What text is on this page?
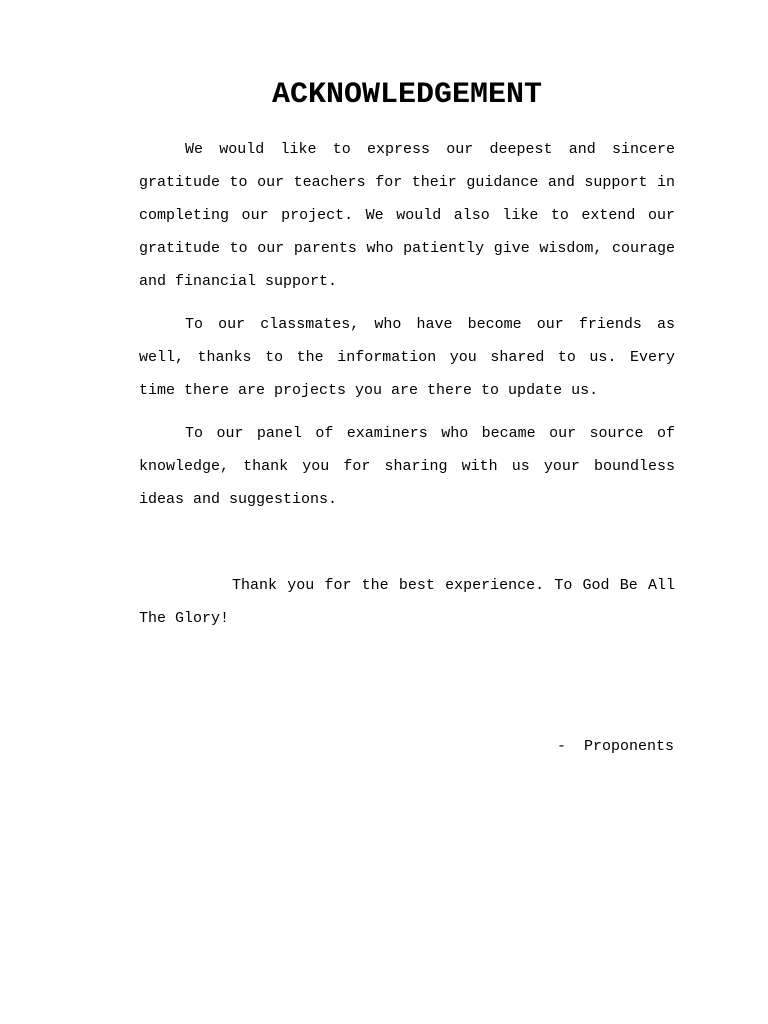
ACKNOWLEDGEMENT

We would like to express our deepest and sincere gratitude to our teachers for their guidance and support in completing our project. We would also like to extend our gratitude to our parents who patiently give wisdom, courage and financial support.

To our classmates, who have become our friends as well, thanks to the information you shared to us. Every time there are projects you are there to update us.

To our panel of examiners who became our source of knowledge, thank you for sharing with us your boundless ideas and suggestions.

Thank you for the best experience. To God Be All The Glory!

-  Proponents
